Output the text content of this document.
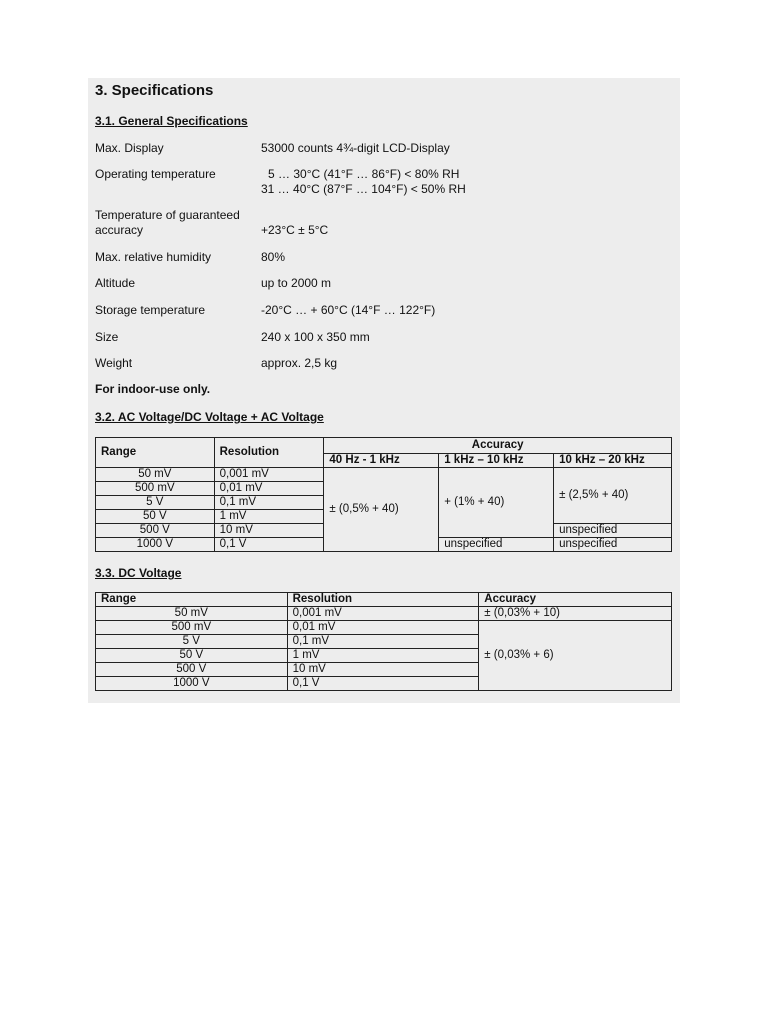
3. Specifications
3.1. General Specifications

Max. Display	53000 counts 4¾-digit LCD-Display

Operating temperature	5 … 30°C (41°F … 86°F) < 80% RH

31 … 40°C (87°F … 104°F) < 50% RH

Temperature of guaranteed

accuracy	+23°C ± 5°C

Max. relative humidity	80%

Altitude	up to 2000 m

Storage temperature	-20°C … + 60°C (14°F … 122°F)

Size	240 x 100 x 350 mm

Weight	approx. 2,5 kg

For indoor-use only.

3.2. AC Voltage/DC Voltage + AC Voltage
Range	Resolution	Accuracy		
		40 Hz - 1 kHz	1 kHz – 10 kHz	10 kHz – 20 kHz
50 mV	0,001 mV	± (0,5% + 40)	+ (1% + 40)	± (2,5% + 40)
500 mV	0,01 mV			
5 V	0,1 mV			
50 V	1 mV			
500 V	10 mV			unspecified
1000 V	0,1 V		unspecified	unspecified
3.3. DC Voltage
Range	Resolution	Accuracy
50 mV	0,001 mV	± (0,03% + 10)
500 mV	0,01 mV	± (0,03% + 6)
5 V	0,1 mV	
50 V	1 mV	
500 V	10 mV	
1000 V	0,1 V	
